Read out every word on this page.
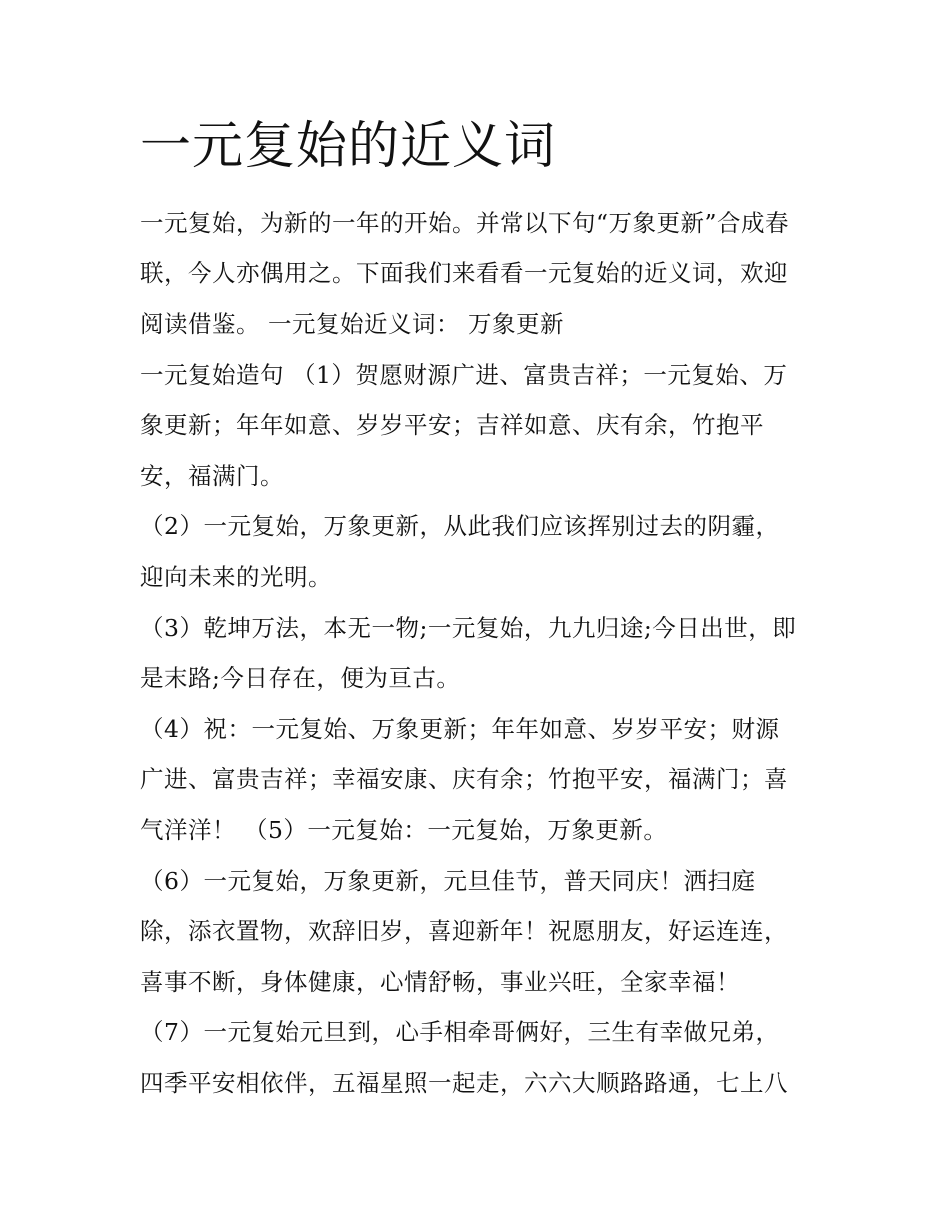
一元复始的近义词

一元复始，为新的一年的开始。并常以下句“万象更新”合成春

联，今人亦偶用之。下面我们来看看一元复始的近义词，欢迎

阅读借鉴。 一元复始近义词： 万象更新

一元复始造句 （1）贺愿财源广进、富贵吉祥；一元复始、万

象更新；年年如意、岁岁平安；吉祥如意、庆有余，竹抱平

安，福满门。

（2）一元复始，万象更新，从此我们应该挥别过去的阴霾，

迎向未来的光明。

（3）乾坤万法，本无一物;一元复始，九九归途;今日出世，即

是末路;今日存在，便为亘古。

（4）祝：一元复始、万象更新；年年如意、岁岁平安；财源

广进、富贵吉祥；幸福安康、庆有余；竹抱平安，福满门；喜

气洋洋！ （5）一元复始：一元复始，万象更新。

（6）一元复始，万象更新，元旦佳节，普天同庆！洒扫庭

除，添衣置物，欢辞旧岁，喜迎新年！祝愿朋友，好运连连，

喜事不断，身体健康，心情舒畅，事业兴旺，全家幸福！

（7）一元复始元旦到，心手相牵哥俩好，三生有幸做兄弟，

四季平安相依伴，五福星照一起走，六六大顺路路通，七上八
